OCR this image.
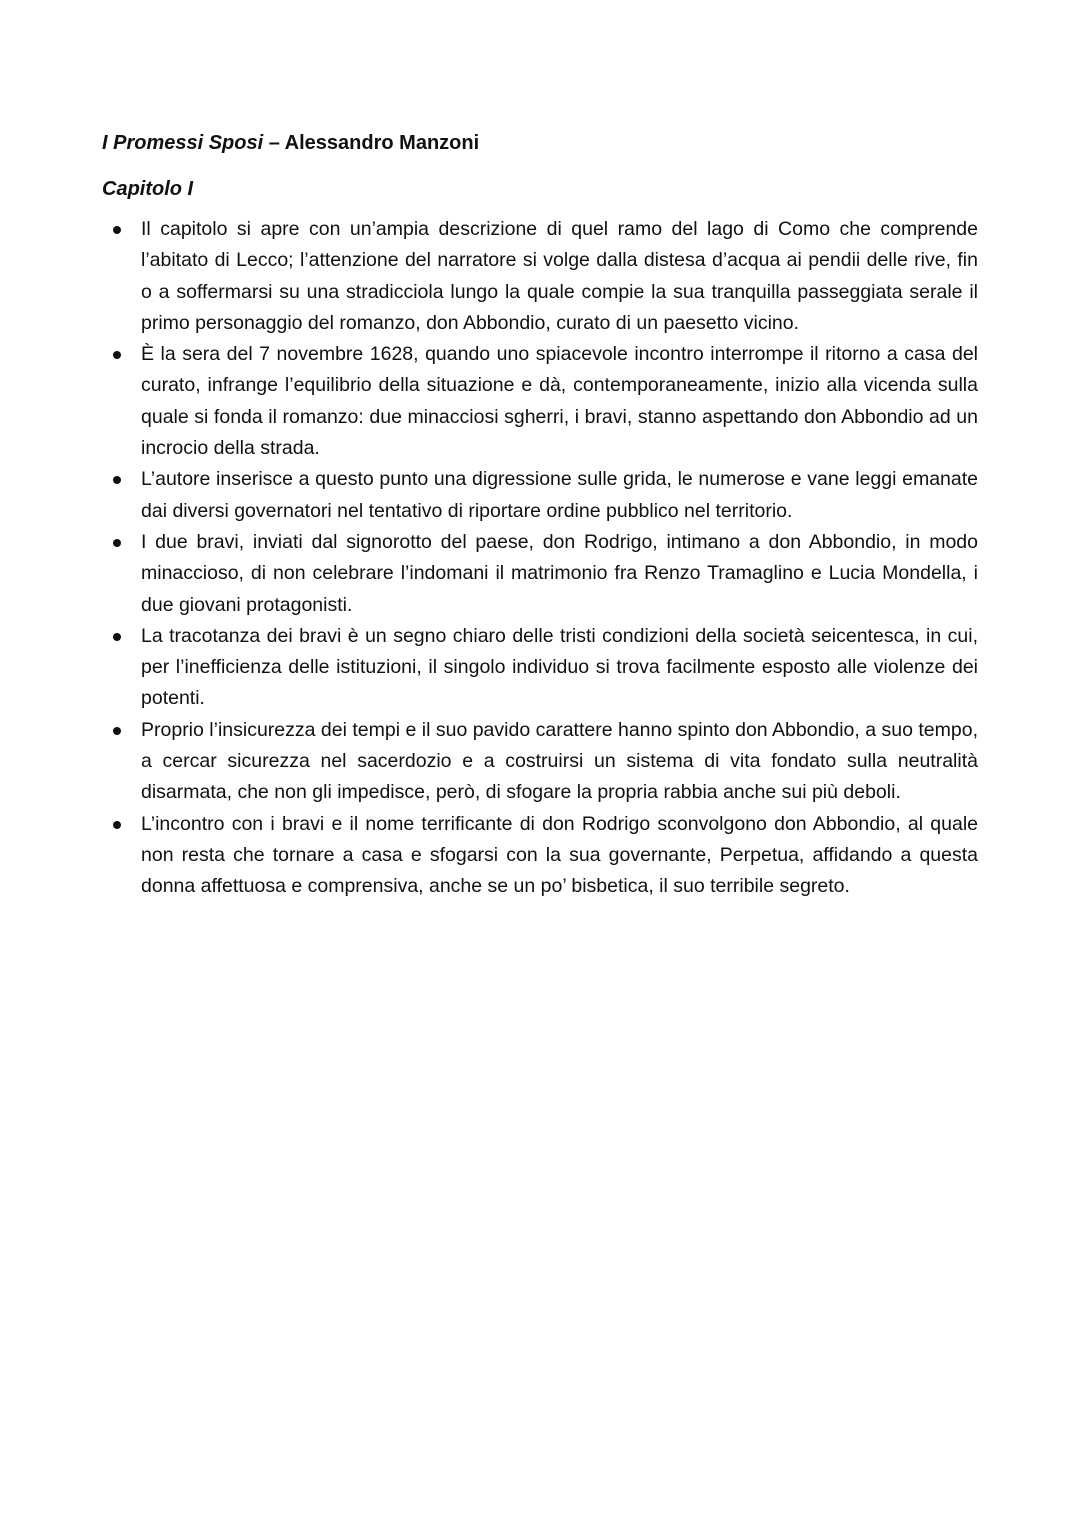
I Promessi Sposi – Alessandro Manzoni
Capitolo I
Il capitolo si apre con un’ampia descrizione di quel ramo del lago di Como che comprende l’abitato di Lecco; l’attenzione del narratore si volge dalla distesa d’acqua ai pendii delle rive, fin o a soffermarsi su una stradicciola lungo la quale compie la sua tranquilla passeggiata serale il primo personaggio del romanzo, don Abbondio, curato di un paesetto vicino.
È la sera del 7 novembre 1628, quando uno spiacevole incontro interrompe il ritorno a casa del curato, infrange l’equilibrio della situazione e dà, contemporaneamente, inizio alla vicenda sulla quale si fonda il romanzo: due minacciosi sgherri, i bravi, stanno aspettando don Abbondio ad un incrocio della strada.
L’autore inserisce a questo punto una digressione sulle grida, le numerose e vane leggi emanate dai diversi governatori nel tentativo di riportare ordine pubblico nel territorio.
I due bravi, inviati dal signorotto del paese, don Rodrigo, intimano a don Abbondio, in modo minaccioso, di non celebrare l’indomani il matrimonio fra Renzo Tramaglino e Lucia Mondella, i due giovani protagonisti.
La tracotanza dei bravi è un segno chiaro delle tristi condizioni della società seicentesca, in cui, per l’inefficienza delle istituzioni, il singolo individuo si trova facilmente esposto alle violenze dei potenti.
Proprio l’insicurezza dei tempi e il suo pavido carattere hanno spinto don Abbondio, a suo tempo, a cercar sicurezza nel sacerdozio e a costruirsi un sistema di vita fondato sulla neutralità disarmata, che non gli impedisce, però, di sfogare la propria rabbia anche sui più deboli.
L’incontro con i bravi e il nome terrificante di don Rodrigo sconvolgono don Abbondio, al quale non resta che tornare a casa e sfogarsi con la sua governante, Perpetua, affidando a questa donna affettuosa e comprensiva, anche se un po’ bisbetica, il suo terribile segreto.
